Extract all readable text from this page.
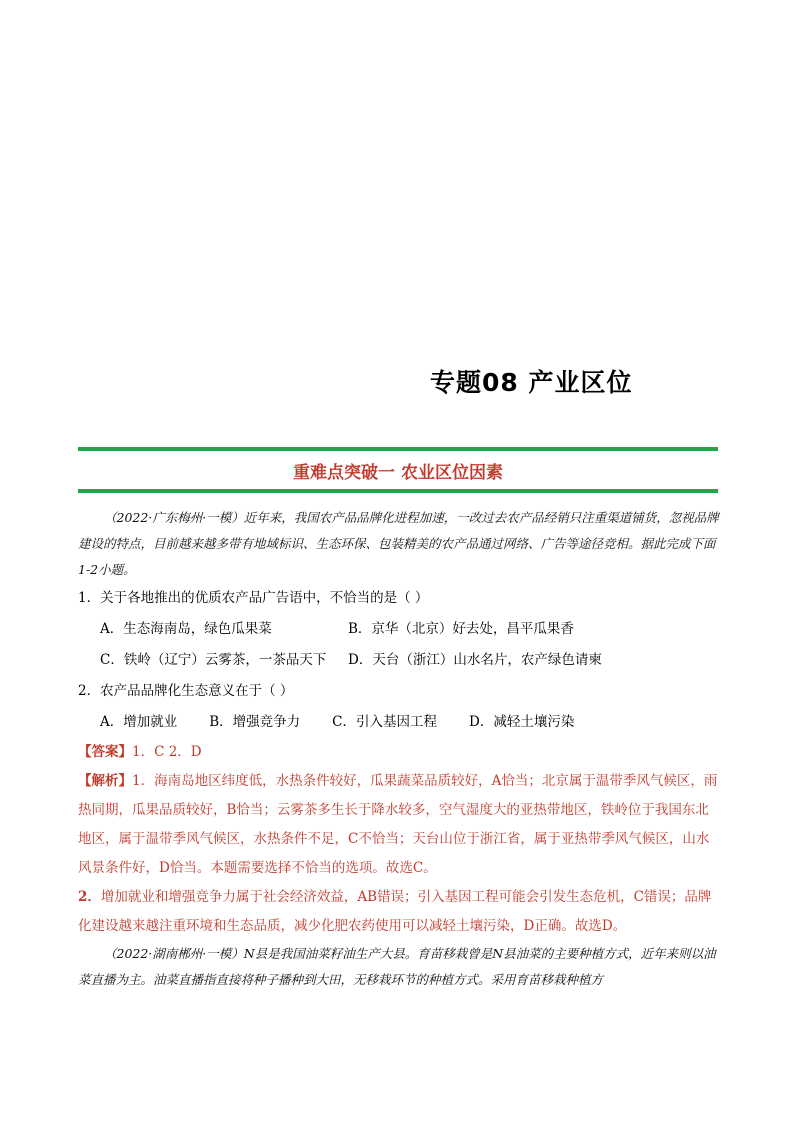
专题08 产业区位
重难点突破一 农业区位因素

（2022·广东梅州·一模）近年来，我国农产品品牌化进程加速，一改过去农产品经销只注重渠道铺货，忽视品牌建设的特点，目前越来越多带有地域标识、生态环保、包装精美的农产品通过网络、广告等途径竞相。据此完成下面1-2小题。

1．关于各地推出的优质农产品广告语中，不恰当的是（ ）

A．生态海南岛，绿色瓜果菜	B．京华（北京）好去处，昌平瓜果香
C．铁岭（辽宁）云雾茶，一茶品天下	D．天台（浙江）山水名片，农产绿色请柬

2．农产品品牌化生态意义在于（ ）

A．增加就业 B．增强竞争力 C．引入基因工程 D．减轻土壤污染

【答案】1．C 2．D

【解析】1．海南岛地区纬度低，水热条件较好，瓜果蔬菜品质较好，A恰当；北京属于温带季风气候区，雨热同期，瓜果品质较好，B恰当；云雾茶多生长于降水较多，空气湿度大的亚热带地区，铁岭位于我国东北地区，属于温带季风气候区，水热条件不足，C不恰当；天台山位于浙江省，属于亚热带季风气候区，山水风景条件好，D恰当。本题需要选择不恰当的选项。故选C。

2．增加就业和增强竞争力属于社会经济效益，AB错误；引入基因工程可能会引发生态危机，C错误；品牌化建设越来越注重环境和生态品质，减少化肥农药使用可以减轻土壤污染，D正确。故选D。

（2022·湖南郴州·一模）N县是我国油菜籽油生产大县。育苗移栽曾是N县油菜的主要种植方式，近年来则以油菜直播为主。油菜直播指直接将种子播种到大田，无移栽环节的种植方式。采用育苗移栽种植方
